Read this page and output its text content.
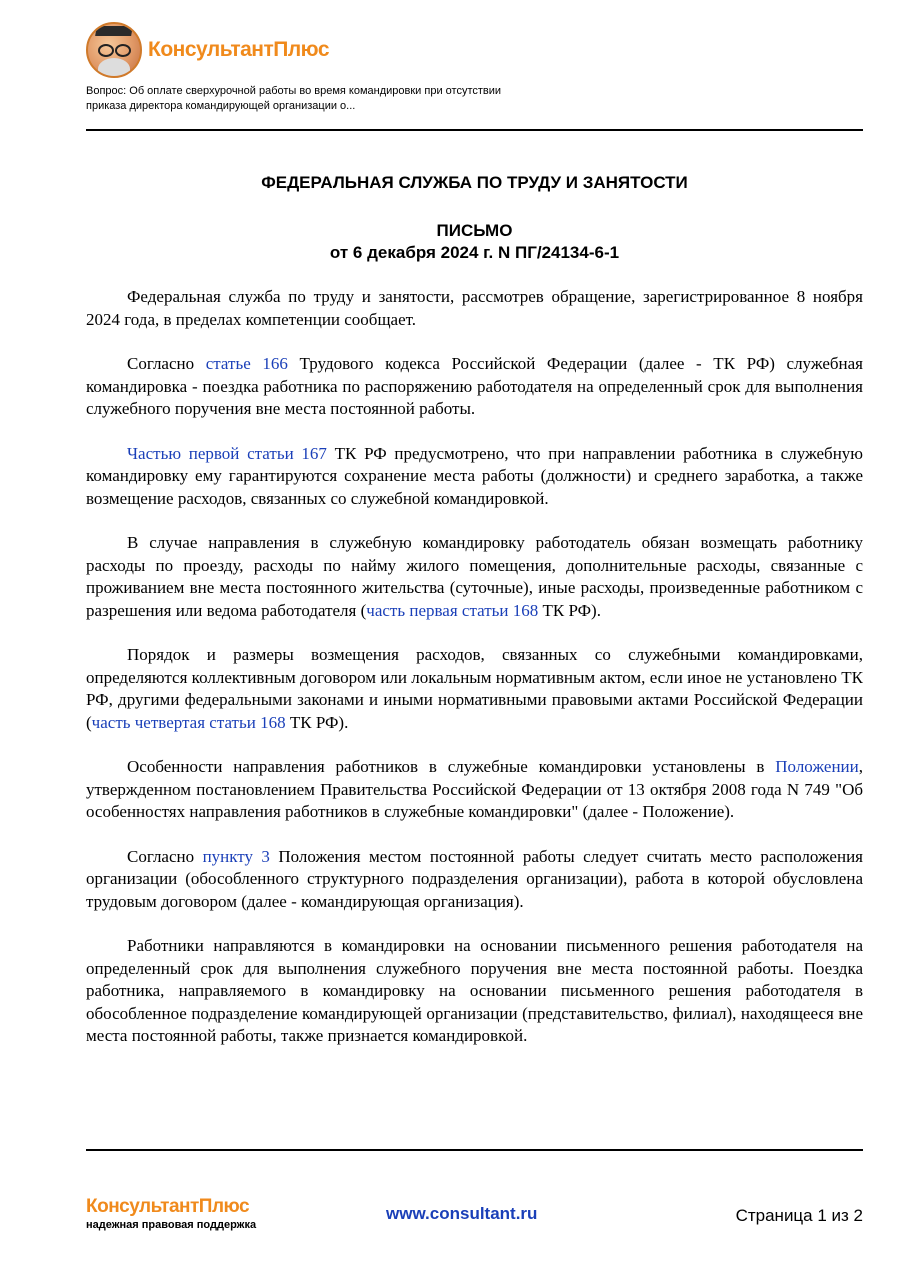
КонсультантПлюс
Вопрос: Об оплате сверхурочной работы во время командировки при отсутствии приказа директора командирующей организации о...
ФЕДЕРАЛЬНАЯ СЛУЖБА ПО ТРУДУ И ЗАНЯТОСТИ
ПИСЬМО
от 6 декабря 2024 г. N ПГ/24134-6-1

Федеральная служба по труду и занятости, рассмотрев обращение, зарегистрированное 8 ноября 2024 года, в пределах компетенции сообщает.

Согласно статье 166 Трудового кодекса Российской Федерации (далее - ТК РФ) служебная командировка - поездка работника по распоряжению работодателя на определенный срок для выполнения служебного поручения вне места постоянной работы.

Частью первой статьи 167 ТК РФ предусмотрено, что при направлении работника в служебную командировку ему гарантируются сохранение места работы (должности) и среднего заработка, а также возмещение расходов, связанных со служебной командировкой.

В случае направления в служебную командировку работодатель обязан возмещать работнику расходы по проезду, расходы по найму жилого помещения, дополнительные расходы, связанные с проживанием вне места постоянного жительства (суточные), иные расходы, произведенные работником с разрешения или ведома работодателя (часть первая статьи 168 ТК РФ).

Порядок и размеры возмещения расходов, связанных со служебными командировками, определяются коллективным договором или локальным нормативным актом, если иное не установлено ТК РФ, другими федеральными законами и иными нормативными правовыми актами Российской Федерации (часть четвертая статьи 168 ТК РФ).

Особенности направления работников в служебные командировки установлены в Положении, утвержденном постановлением Правительства Российской Федерации от 13 октября 2008 года N 749 "Об особенностях направления работников в служебные командировки" (далее - Положение).

Согласно пункту 3 Положения местом постоянной работы следует считать место расположения организации (обособленного структурного подразделения организации), работа в которой обусловлена трудовым договором (далее - командирующая организация).

Работники направляются в командировки на основании письменного решения работодателя на определенный срок для выполнения служебного поручения вне места постоянной работы. Поездка работника, направляемого в командировку на основании письменного решения работодателя в обособленное подразделение командирующей организации (представительство, филиал), находящееся вне места постоянной работы, также признается командировкой.

КонсультантПлюс
надежная правовая поддержка
www.consultant.ru	Страница 1 из 2
